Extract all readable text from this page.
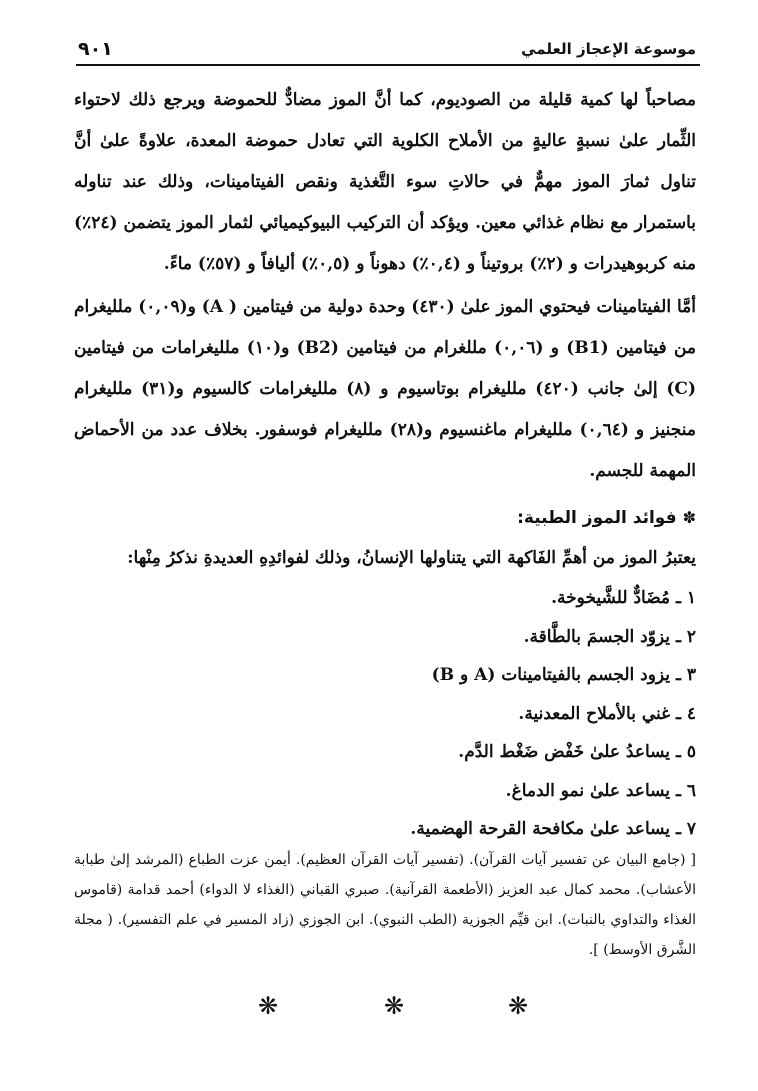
٩٠١	موسوعة الإعجاز العلمي

مصاحباً لها كمية قليلة من الصوديوم، كما أنَّ الموز مضادٌّ للحموضة ويرجع ذلك لاحتواء الثِّمار علىٰ نسبةٍ عاليةٍ من الأملاح الكلوية التي تعادل حموضة المعدة، علاوةً علىٰ أنَّ تناول ثمارَ الموز مهمٌّ في حالاتِ سوء التَّغذية ونقص الفيتامينات، وذلك عند تناوله باستمرار مع نظام غذائي معين. ويؤكد أن التركيب البيوكيميائي لثمار الموز يتضمن (٢٤٪) منه كربوهيدرات و (٢٪) بروتيناً و (٠,٤٪) دهوناً و (٠,٥٪) أليافاً و (٥٧٪) ماءً.

أمَّا الفيتامينات فيحتوي الموز علىٰ (٤٣٠) وحدة دولية من فيتامين ( A) و(٠,٠٩) ملليغرام من فيتامين (B1) و (٠,٠٦) مللغرام من فيتامين (B2) و(١٠) ملليغرامات من فيتامين (C) إلىٰ جانب (٤٢٠) ملليغرام بوتاسيوم و (٨) ملليغرامات كالسيوم و(٣١) ملليغرام منجنيز و (٠,٦٤) ملليغرام ماغنسيوم و(٢٨) ملليغرام فوسفور. بخلاف عدد من الأحماض المهمة للجسم.

✽فوائد الموز الطبية:

يعتبرُ الموز من أهمِّ الفَاكهة التي يتناولها الإنسانُ، وذلك لفوائدِهِ العديدةِ نذكرُ مِنْها:

١ ـ مُضَادٌّ للشَّيخوخة.
٢ ـ يزوّد الجسمَ بالطَّاقة.
٣ ـ يزود الجسم بالفيتامينات (A و B)
٤ ـ غني بالأملاح المعدنية.
٥ ـ يساعدُ علىٰ خَفْض ضَغْط الدَّم.
٦ ـ يساعد علىٰ نمو الدماغ.
٧ ـ يساعد علىٰ مكافحة القرحة الهضمية.

[ (جامع البيان عن تفسير آيات القرآن). (تفسير آيات القرآن العظيم). أيمن عزت الطباع (المرشد إلىٰ طبابة الأعشاب). محمد كمال عبد العزيز (الأطعمة القرآنية). صبري القباني (الغذاء لا الدواء) أحمد قدامة (قاموس الغذاء والتداوي بالنبات). ابن قيِّم الجوزية (الطب النبوي). ابن الجوزي (زاد المسير في علم التفسير). ( مجلة الشَّرق الأوسط) ].

❋	❋	❋
